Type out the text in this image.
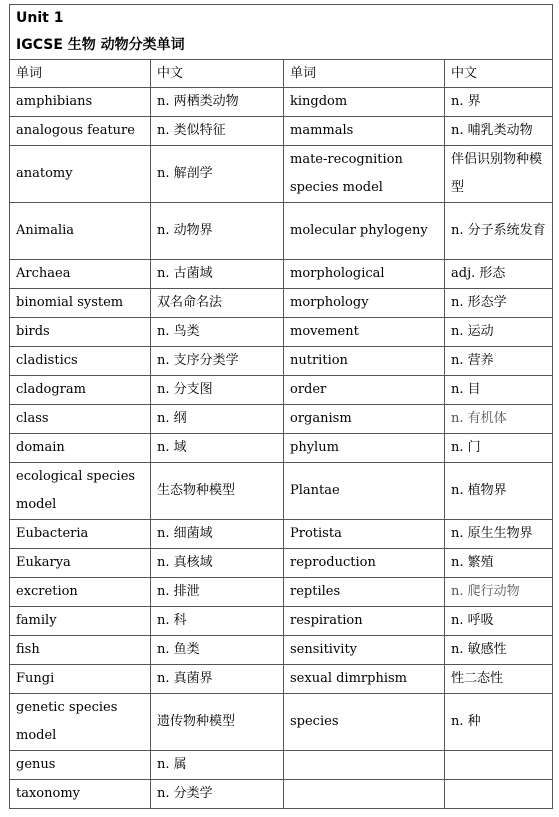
Unit 1			
IGCSE 生物 动物分类单词			
单词	中文	单词	中文
amphibians	n. 两栖类动物	kingdom	n. 界
analogous feature	n. 类似特征	mammals	n. 哺乳类动物
anatomy	n. 解剖学	mate-recognition species model	伴侣识别物种模型
Animalia	n. 动物界	molecular phylogeny	n. 分子系统发育
Archaea	n. 古菌域	morphological	adj. 形态
binomial system	双名命名法	morphology	n. 形态学
birds	n. 鸟类	movement	n. 运动
cladistics	n. 支序分类学	nutrition	n. 营养
cladogram	n. 分支图	order	n. 目
class	n. 纲	organism	n. 有机体
domain	n. 域	phylum	n. 门
ecological species model	生态物种模型	Plantae	n. 植物界
Eubacteria	n. 细菌域	Protista	n. 原生生物界
Eukarya	n. 真核域	reproduction	n. 繁殖
excretion	n. 排泄	reptiles	n. 爬行动物
family	n. 科	respiration	n. 呼吸
fish	n. 鱼类	sensitivity	n. 敏感性
Fungi	n. 真菌界	sexual dimrphism	性二态性
genetic species model	遗传物种模型	species	n. 种
genus	n. 属		
taxonomy	n. 分类学		
